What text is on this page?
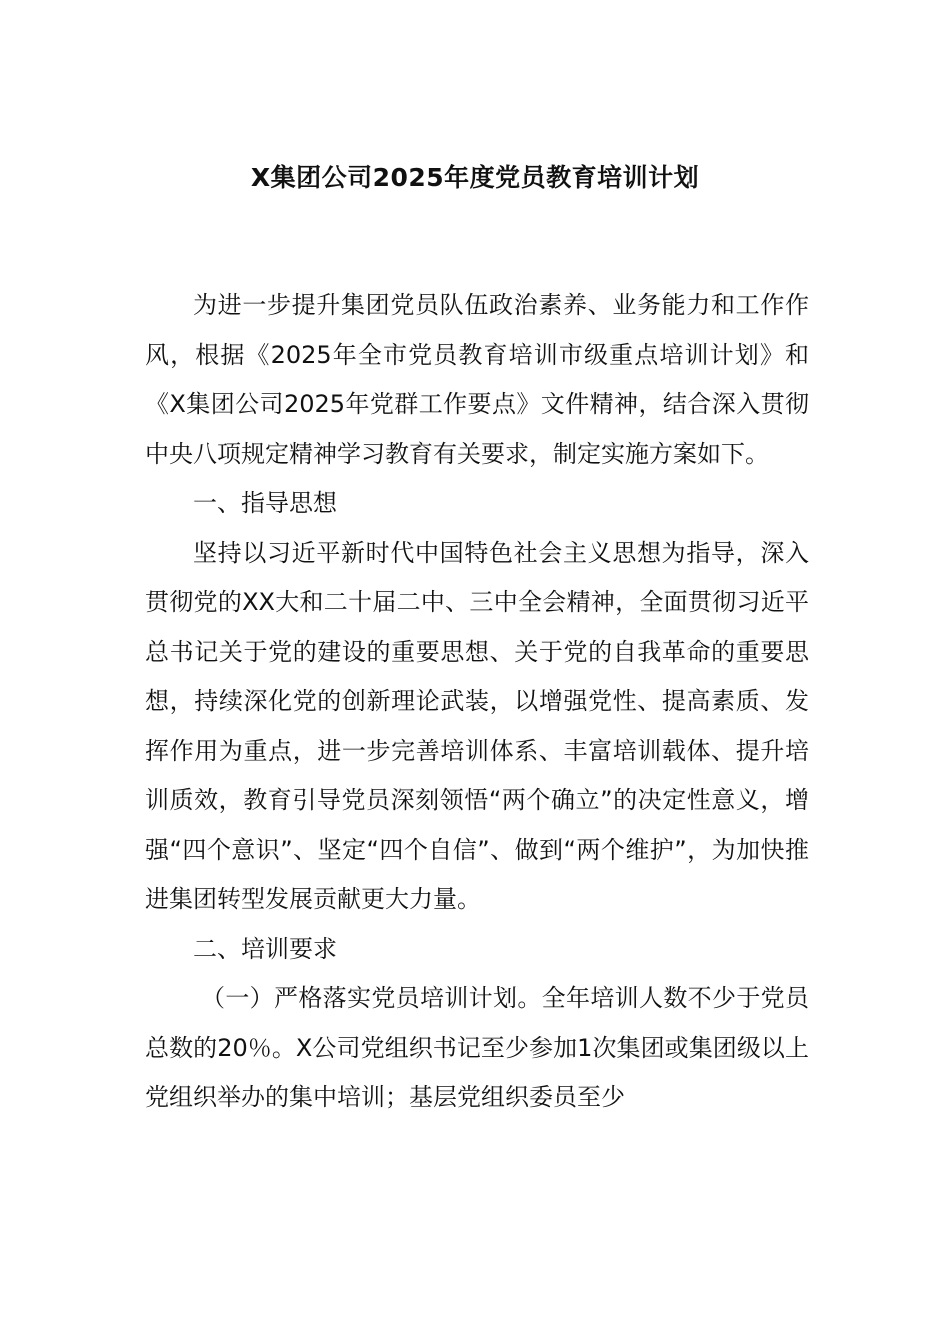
X集团公司2025年度党员教育培训计划

为进一步提升集团党员队伍政治素养、业务能力和工作作风，根据《2025年全市党员教育培训市级重点培训计划》和《X集团公司2025年党群工作要点》文件精神，结合深入贯彻中央八项规定精神学习教育有关要求，制定实施方案如下。

一、指导思想

坚持以习近平新时代中国特色社会主义思想为指导，深入贯彻党的XX大和二十届二中、三中全会精神，全面贯彻习近平总书记关于党的建设的重要思想、关于党的自我革命的重要思想，持续深化党的创新理论武装，以增强党性、提高素质、发挥作用为重点，进一步完善培训体系、丰富培训载体、提升培训质效，教育引导党员深刻领悟“两个确立”的决定性意义，增强“四个意识”、坚定“四个自信”、做到“两个维护”，为加快推进集团转型发展贡献更大力量。

二、培训要求

（一）严格落实党员培训计划。全年培训人数不少于党员总数的20％。X公司党组织书记至少参加1次集团或集团级以上党组织举办的集中培训；基层党组织委员至少
